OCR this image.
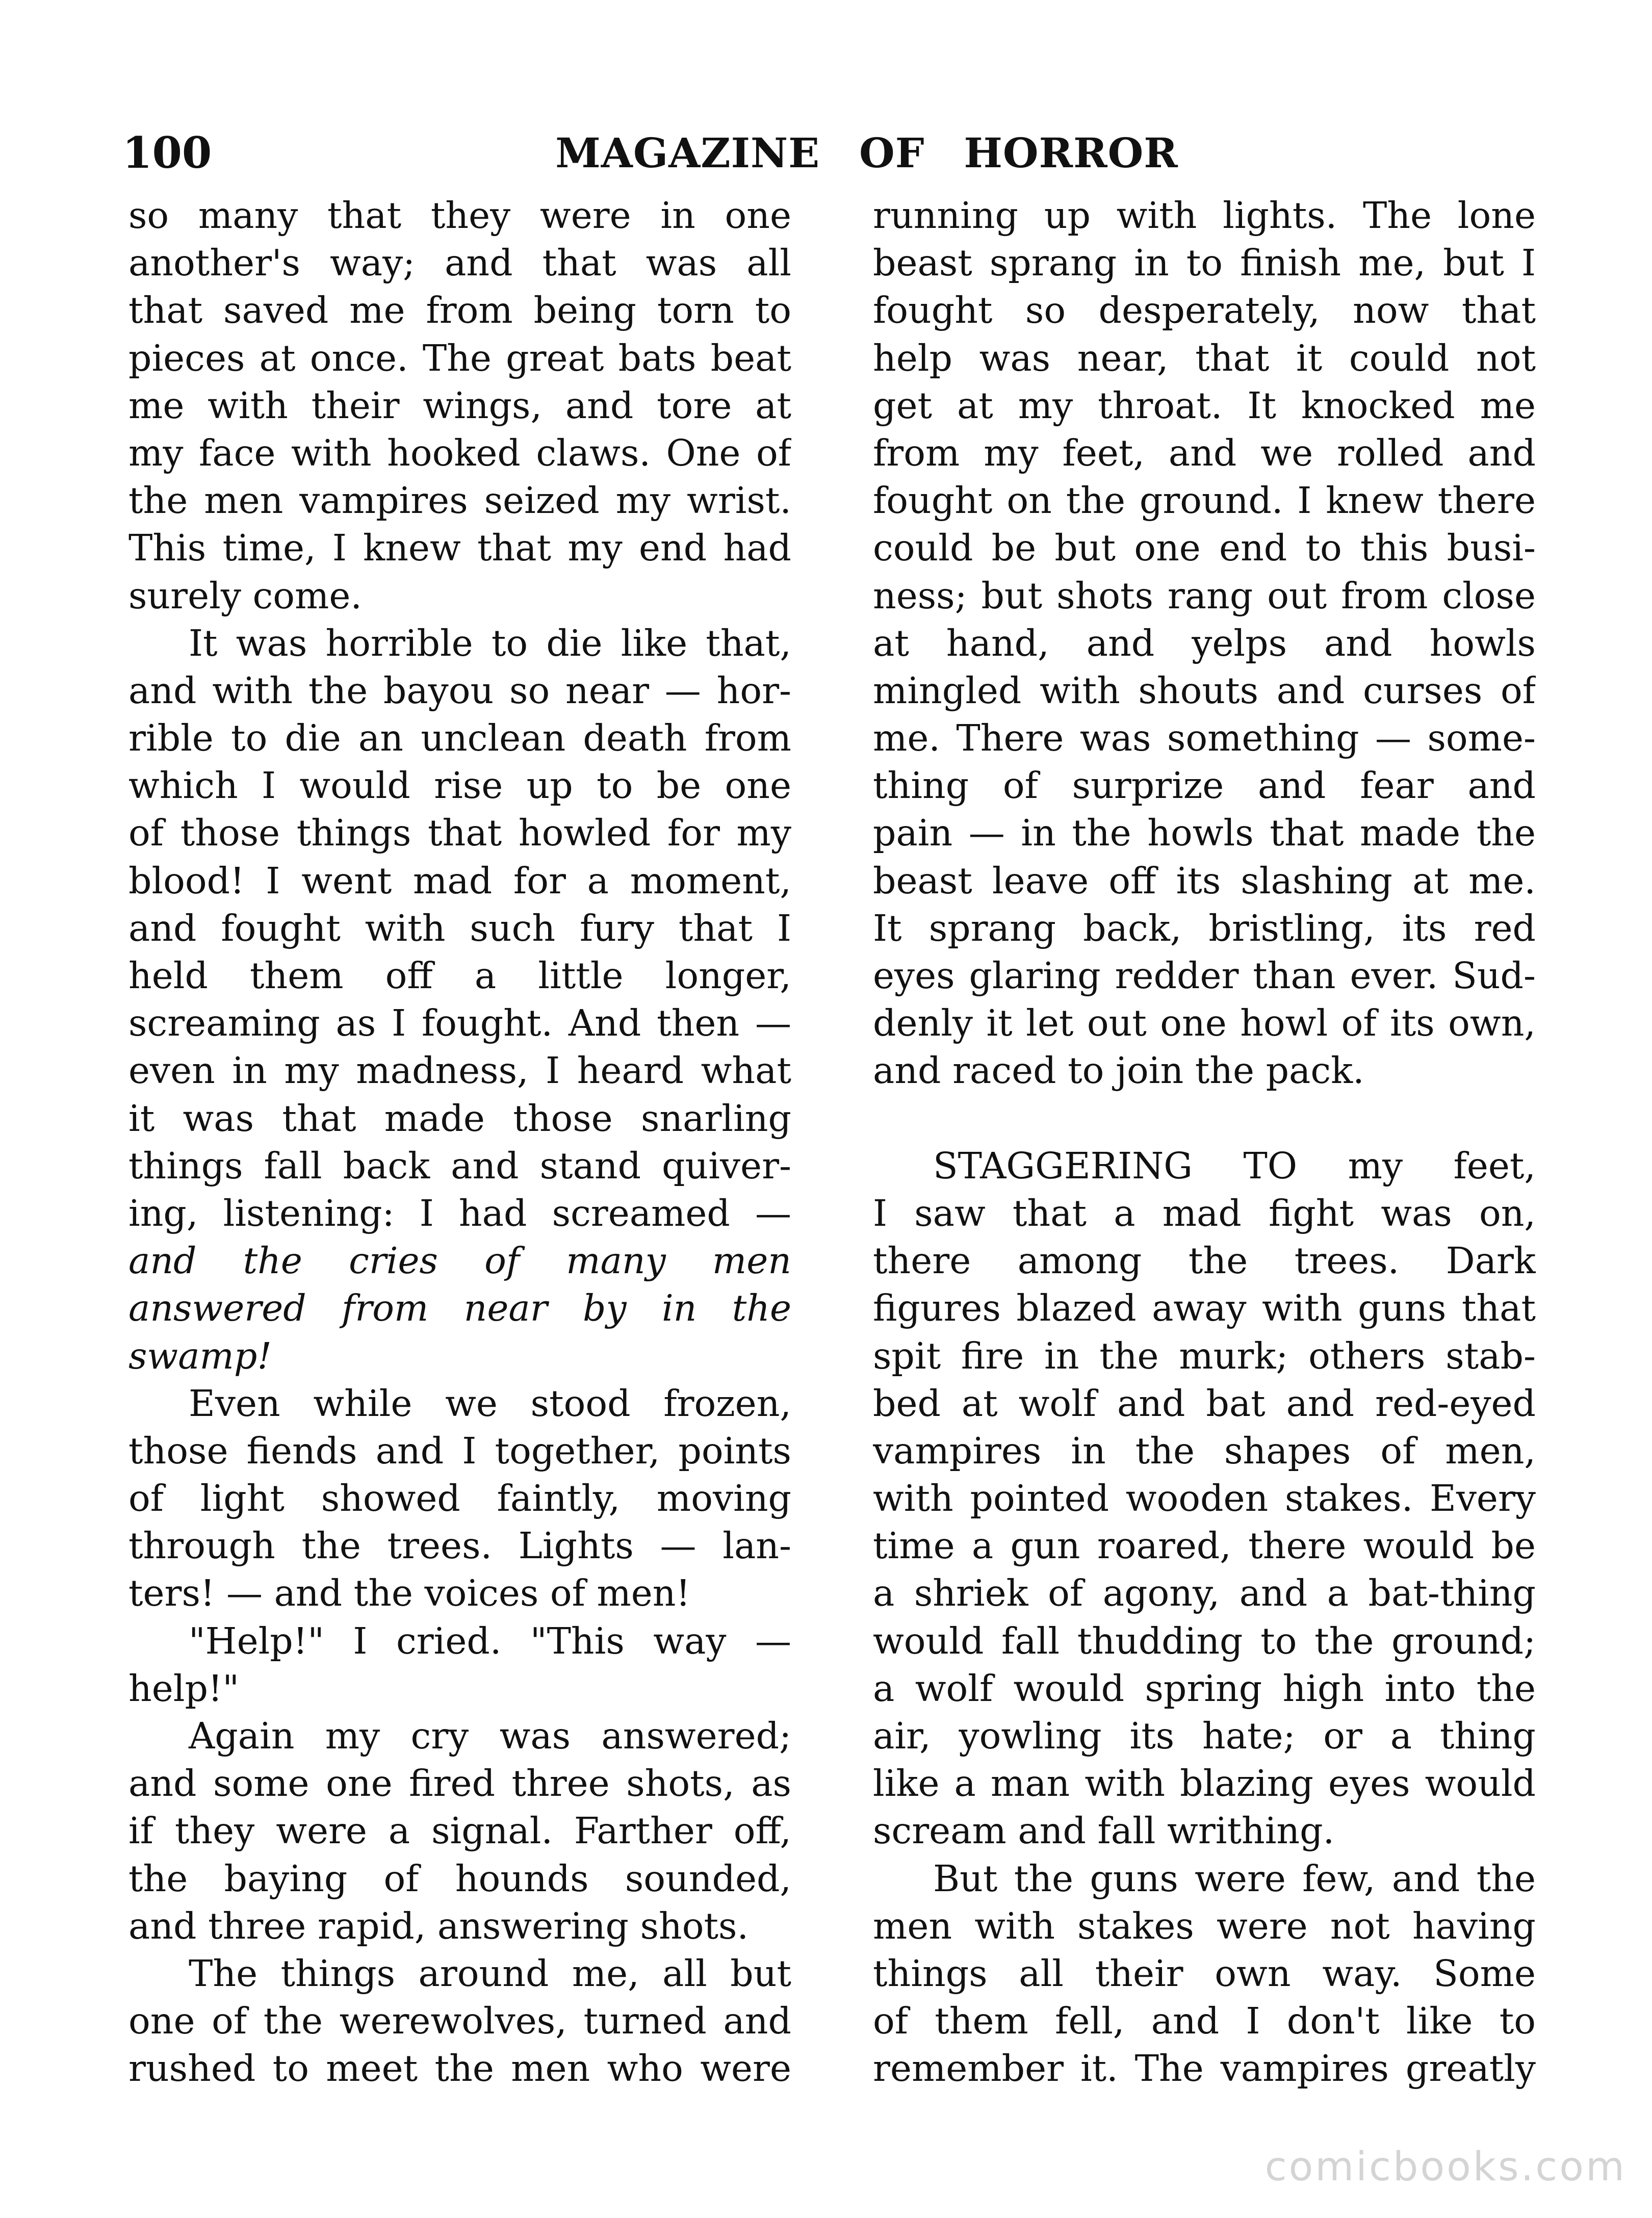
100	MAGAZINE OF HORROR
so many that they were in one
another's way; and that was all
that saved me from being torn to
pieces at once. The great bats beat
me with their wings, and tore at
my face with hooked claws. One of
the men vampires seized my wrist.
This time, I knew that my end had
surely come.
It was horrible to die like that,
and with the bayou so near — hor-
rible to die an unclean death from
which I would rise up to be one
of those things that howled for my
blood! I went mad for a moment,
and fought with such fury that I
held them off a little longer,
screaming as I fought. And then —
even in my madness, I heard what
it was that made those snarling
things fall back and stand quiver-
ing, listening: I had screamed —
and the cries of many men
answered from near by in the
swamp!
Even while we stood frozen,
those fiends and I together, points
of light showed faintly, moving
through the trees. Lights — lan-
ters! — and the voices of men!
"Help!" I cried. "This way —
help!"
Again my cry was answered;
and some one fired three shots, as
if they were a signal. Farther off,
the baying of hounds sounded,
and three rapid, answering shots.
The things around me, all but
one of the werewolves, turned and
rushed to meet the men who were
running up with lights. The lone
beast sprang in to finish me, but I
fought so desperately, now that
help was near, that it could not
get at my throat. It knocked me
from my feet, and we rolled and
fought on the ground. I knew there
could be but one end to this busi-
ness; but shots rang out from close
at hand, and yelps and howls
mingled with shouts and curses of
me. There was something — some-
thing of surprize and fear and
pain — in the howls that made the
beast leave off its slashing at me.
It sprang back, bristling, its red
eyes glaring redder than ever. Sud-
denly it let out one howl of its own,
and raced to join the pack.
STAGGERING TO my feet,
I saw that a mad fight was on,
there among the trees. Dark
figures blazed away with guns that
spit fire in the murk; others stab-
bed at wolf and bat and red-eyed
vampires in the shapes of men,
with pointed wooden stakes. Every
time a gun roared, there would be
a shriek of agony, and a bat-thing
would fall thudding to the ground;
a wolf would spring high into the
air, yowling its hate; or a thing
like a man with blazing eyes would
scream and fall writhing.
But the guns were few, and the
men with stakes were not having
things all their own way. Some
of them fell, and I don't like to
remember it. The vampires greatly
comicbooks.com
